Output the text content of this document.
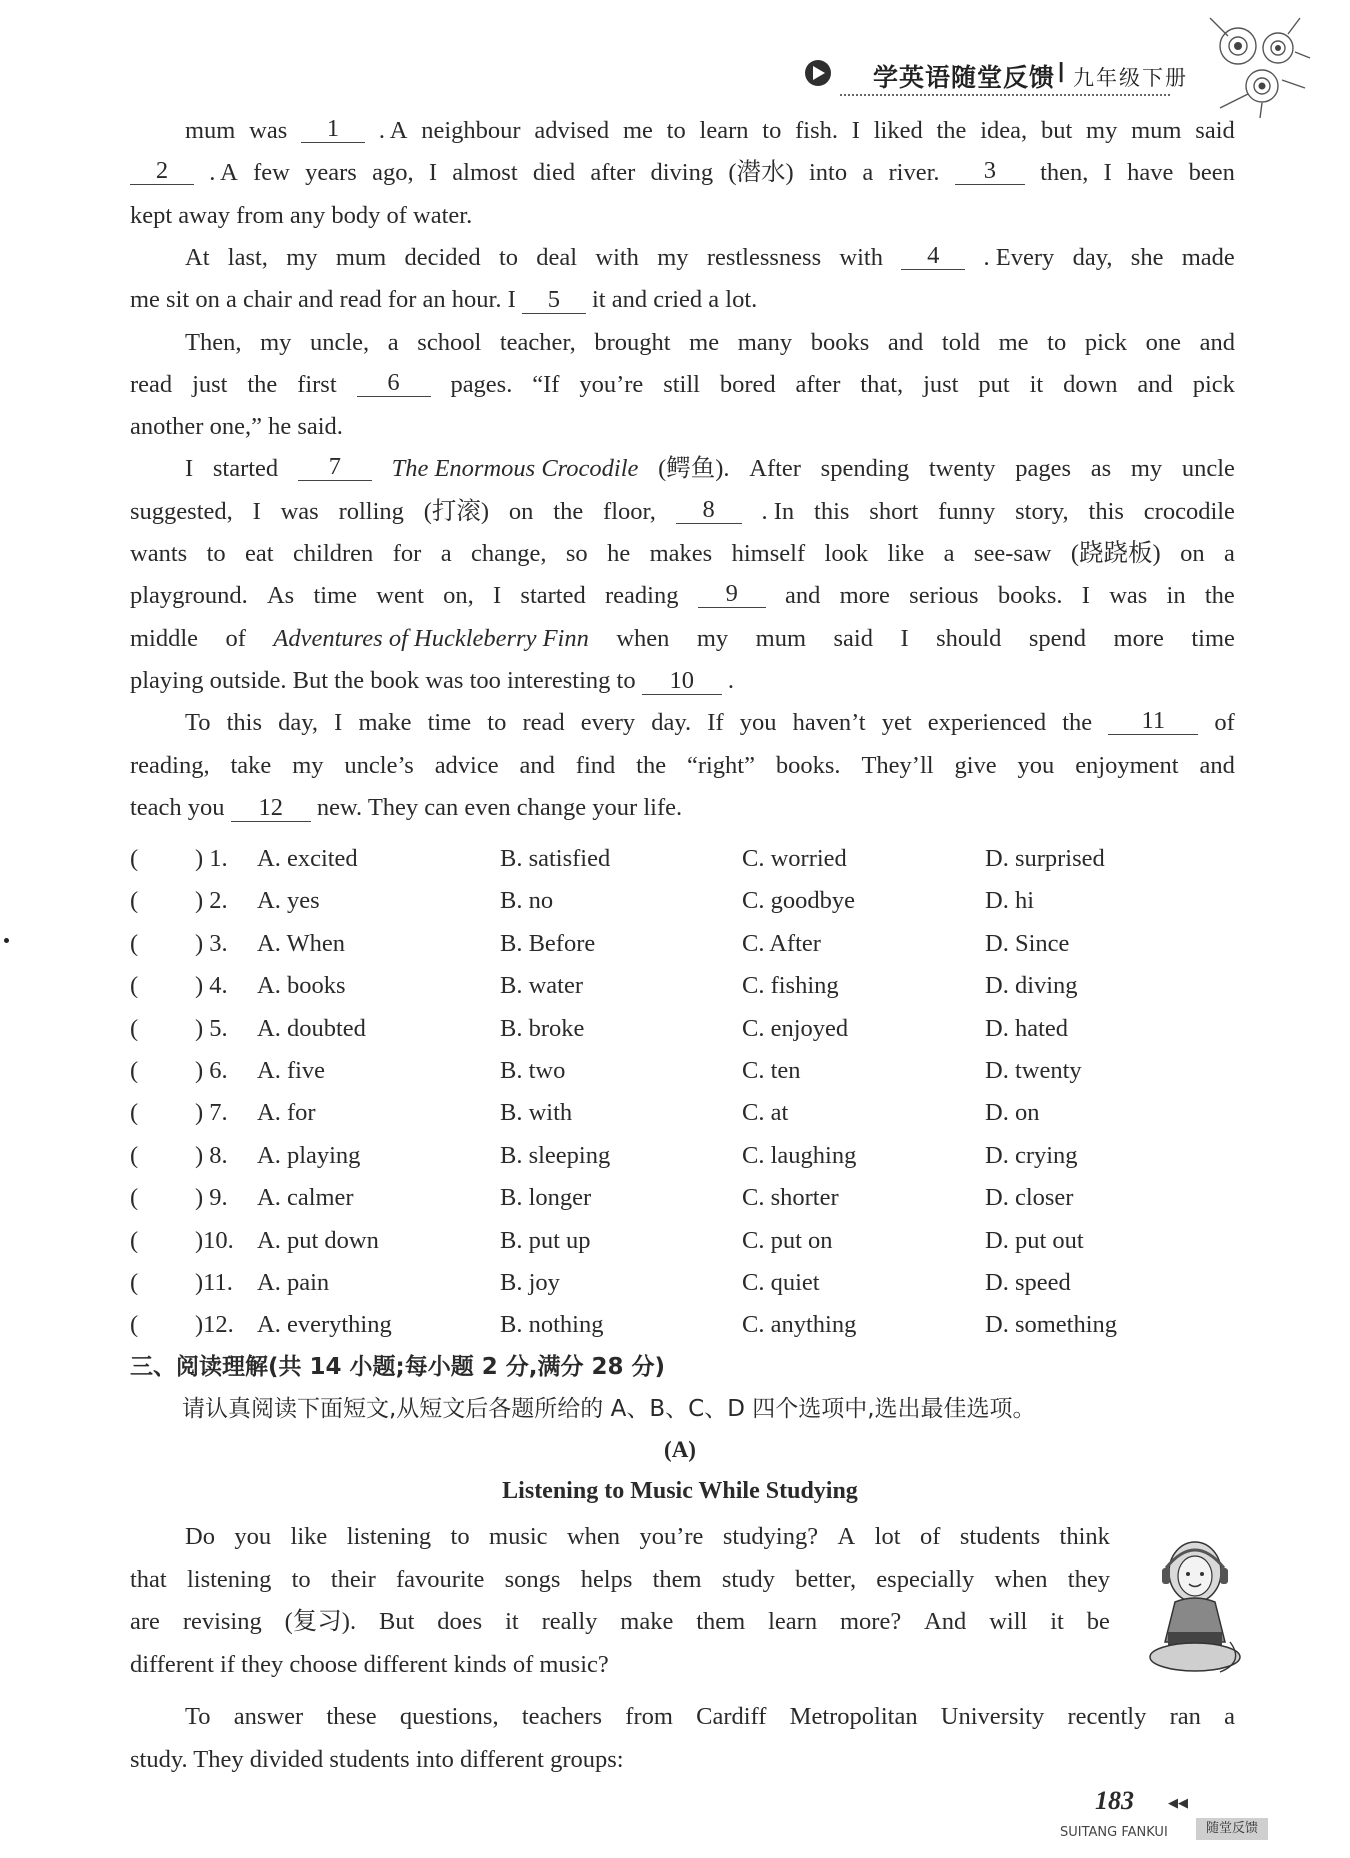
学英语随堂反馈 I 九年级下册
mum was	1	. A neighbour advised me to learn to fish. I liked the idea, but my mum said
2	. A few years ago, I almost died after diving (潜水) into a river.	3	then, I have been
kept away from any body of water.
At last, my mum decided to deal with my restlessness with	4	. Every day, she made
me sit on a chair and read for an hour. I 5 it and cried a lot.
Then, my uncle, a school teacher, brought me many books and told me to pick one and
read just the first	6	pages. “If you’re still bored after that, just put it down and pick
another one,” he said.
I started	7	The Enormous Crocodile (鳄鱼). After spending twenty pages as my uncle
suggested, I was rolling (打滚) on the floor,	8	. In this short funny story, this crocodile
wants to eat children for a change, so he makes himself look like a see-saw (跷跷板) on a
playground. As time went on, I started reading	9	and more serious books. I was in the
middle of Adventures of Huckleberry Finn when my mum said I should spend more time
playing outside. But the book was too interesting to 10 .
To this day, I make time to read every day. If you haven’t yet experienced the	11	of
reading, take my uncle’s advice and find the “right” books. They’ll give you enjoyment and
teach you 12 new. They can even change your life.
( ) 1. A. excited	B. satisfied	C. worried	D. surprised
( ) 2. A. yes	B. no	C. goodbye	D. hi
( ) 3. A. When	B. Before	C. After	D. Since
( ) 4. A. books	B. water	C. fishing	D. diving
( ) 5. A. doubted	B. broke	C. enjoyed	D. hated
( ) 6. A. five	B. two	C. ten	D. twenty
( ) 7. A. for	B. with	C. at	D. on
( ) 8. A. playing	B. sleeping	C. laughing	D. crying
( ) 9. A. calmer	B. longer	C. shorter	D. closer
( )10. A. put down	B. put up	C. put on	D. put out
( )11. A. pain	B. joy	C. quiet	D. speed
( )12. A. everything	B. nothing	C. anything	D. something
三、阅读理解(共 14 小题;每小题 2 分,满分 28 分)
请认真阅读下面短文,从短文后各题所给的 A、B、C、D 四个选项中,选出最佳选项。
(A)
Listening to Music While Studying
Do you like listening to music when you’re studying? A lot of students think
that listening to their favourite songs helps them study better, especially when they
are revising (复习). But does it really make them learn more? And will it be
different if they choose different kinds of music?
To answer these questions, teachers from Cardiff Metropolitan University recently ran a
study. They divided students into different groups:
183	◀◀
SUITANG FANKUI	随堂反馈
